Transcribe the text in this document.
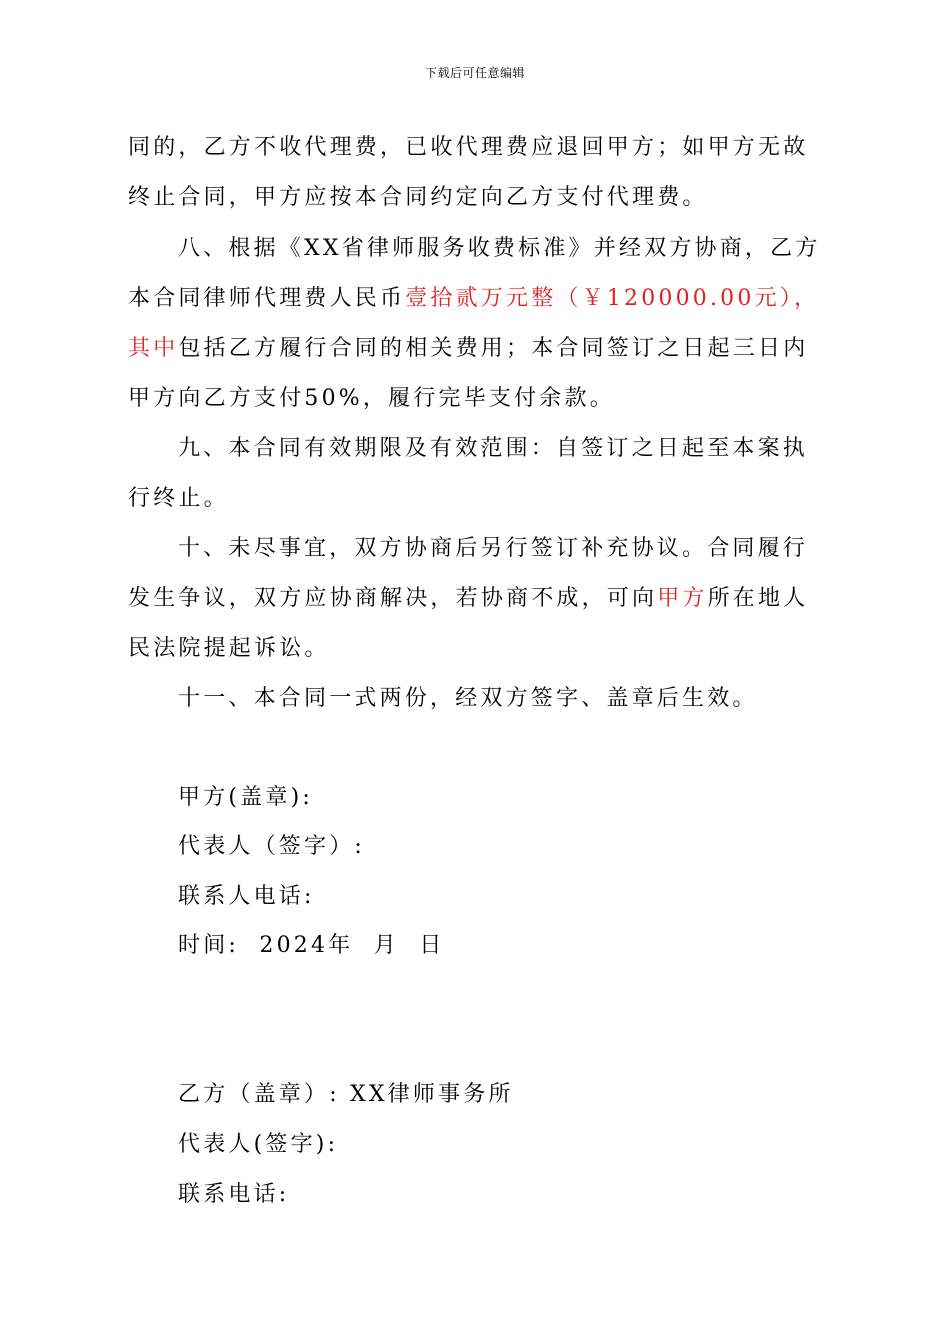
下载后可任意编辑
同的，乙方不收代理费，已收代理费应退回甲方；如甲方无故
终止合同，甲方应按本合同约定向乙方支付代理费。
八、根据《XX省律师服务收费标准》并经双方协商，乙方
本合同律师代理费人民币壹拾贰万元整（￥120000.00元），
其中包括乙方履行合同的相关费用；本合同签订之日起三日内
甲方向乙方支付50%，履行完毕支付余款。
九、本合同有效期限及有效范围：自签订之日起至本案执
行终止。
十、未尽事宜，双方协商后另行签订补充协议。合同履行
发生争议，双方应协商解决，若协商不成，可向甲方所在地人
民法院提起诉讼。
十一、本合同一式两份，经双方签字、盖章后生效。
甲方(盖章):
代表人（签字）:
联系人电话:
时间:  2024年  月  日
乙方（盖章）: XX律师事务所
代表人(签字):
联系电话:
